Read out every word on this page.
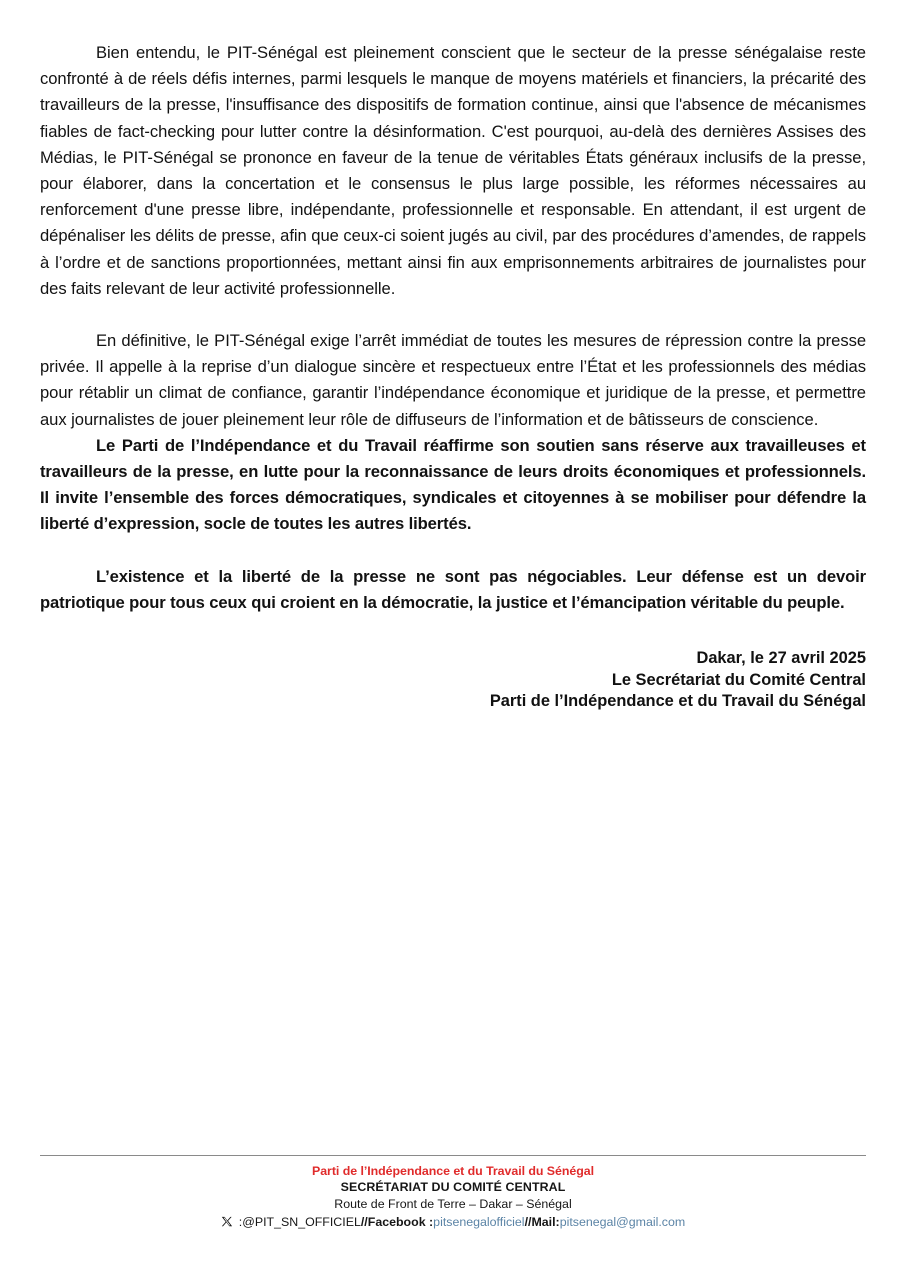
Bien entendu, le PIT-Sénégal est pleinement conscient que le secteur de la presse sénégalaise reste confronté à de réels défis internes, parmi lesquels le manque de moyens matériels et financiers, la précarité des travailleurs de la presse, l'insuffisance des dispositifs de formation continue, ainsi que l'absence de mécanismes fiables de fact-checking pour lutter contre la désinformation. C'est pourquoi, au-delà des dernières Assises des Médias, le PIT-Sénégal se prononce en faveur de la tenue de véritables États généraux inclusifs de la presse, pour élaborer, dans la concertation et le consensus le plus large possible, les réformes nécessaires au renforcement d'une presse libre, indépendante, professionnelle et responsable. En attendant, il est urgent de dépénaliser les délits de presse, afin que ceux-ci soient jugés au civil, par des procédures d’amendes, de rappels à l’ordre et de sanctions proportionnées, mettant ainsi fin aux emprisonnements arbitraires de journalistes pour des faits relevant de leur activité professionnelle.

En définitive, le PIT-Sénégal exige l’arrêt immédiat de toutes les mesures de répression contre la presse privée. Il appelle à la reprise d’un dialogue sincère et respectueux entre l’État et les professionnels des médias pour rétablir un climat de confiance, garantir l’indépendance économique et juridique de la presse, et permettre aux journalistes de jouer pleinement leur rôle de diffuseurs de l’information et de bâtisseurs de conscience.

Le Parti de l’Indépendance et du Travail réaffirme son soutien sans réserve aux travailleuses et travailleurs de la presse, en lutte pour la reconnaissance de leurs droits économiques et professionnels. Il invite l’ensemble des forces démocratiques, syndicales et citoyennes à se mobiliser pour défendre la liberté d’expression, socle de toutes les autres libertés.

L’existence et la liberté de la presse ne sont pas négociables. Leur défense est un devoir patriotique pour tous ceux qui croient en la démocratie, la justice et l’émancipation véritable du peuple.

Dakar, le 27 avril 2025
Le Secrétariat du Comité Central
Parti de l’Indépendance et du Travail du Sénégal
Parti de l’Indépendance et du Travail du Sénégal
SECRÉTARIAT DU COMITÉ CENTRAL
Route de Front de Terre – Dakar – Sénégal
: @PIT_SN_OFFICIEL // Facebook : pitsenegalofficiel // Mail: pitsenegal@gmail.com
